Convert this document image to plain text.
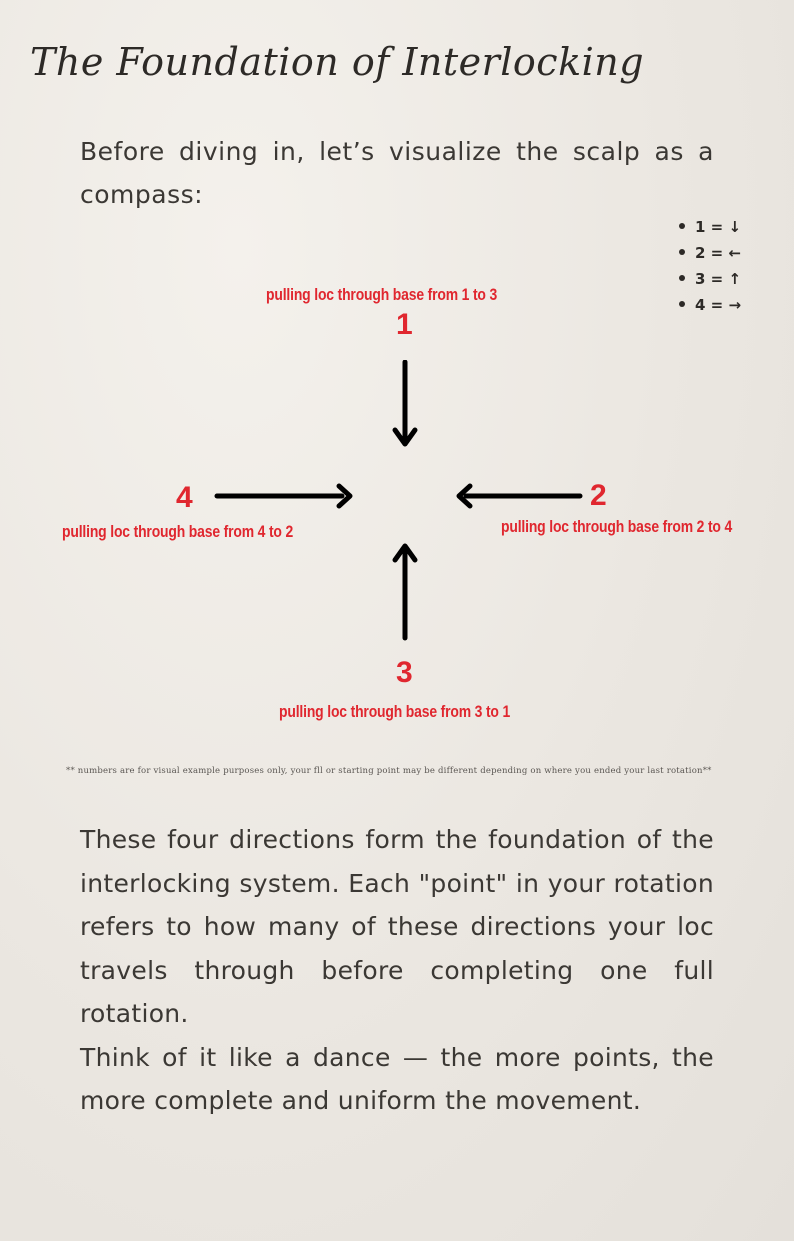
The Foundation of Interlocking
Before diving in, let’s visualize the scalp as a compass:
1 = ↓
2 = ←
3 = ↑
4 = →
pulling loc through base from 1 to 3
1
4
pulling loc through base from 4 to 2
2
pulling loc through base from 2 to 4
3
pulling loc through base from 3 to 1
** numbers are for visual example purposes only, your fll or starting point may be different depending on where you ended your last rotation**

These four directions form the foundation of the interlocking system. Each "point" in your rotation refers to how many of these directions your loc travels through before completing one full rotation.

Think of it like a dance — the more points, the more complete and uniform the movement.
